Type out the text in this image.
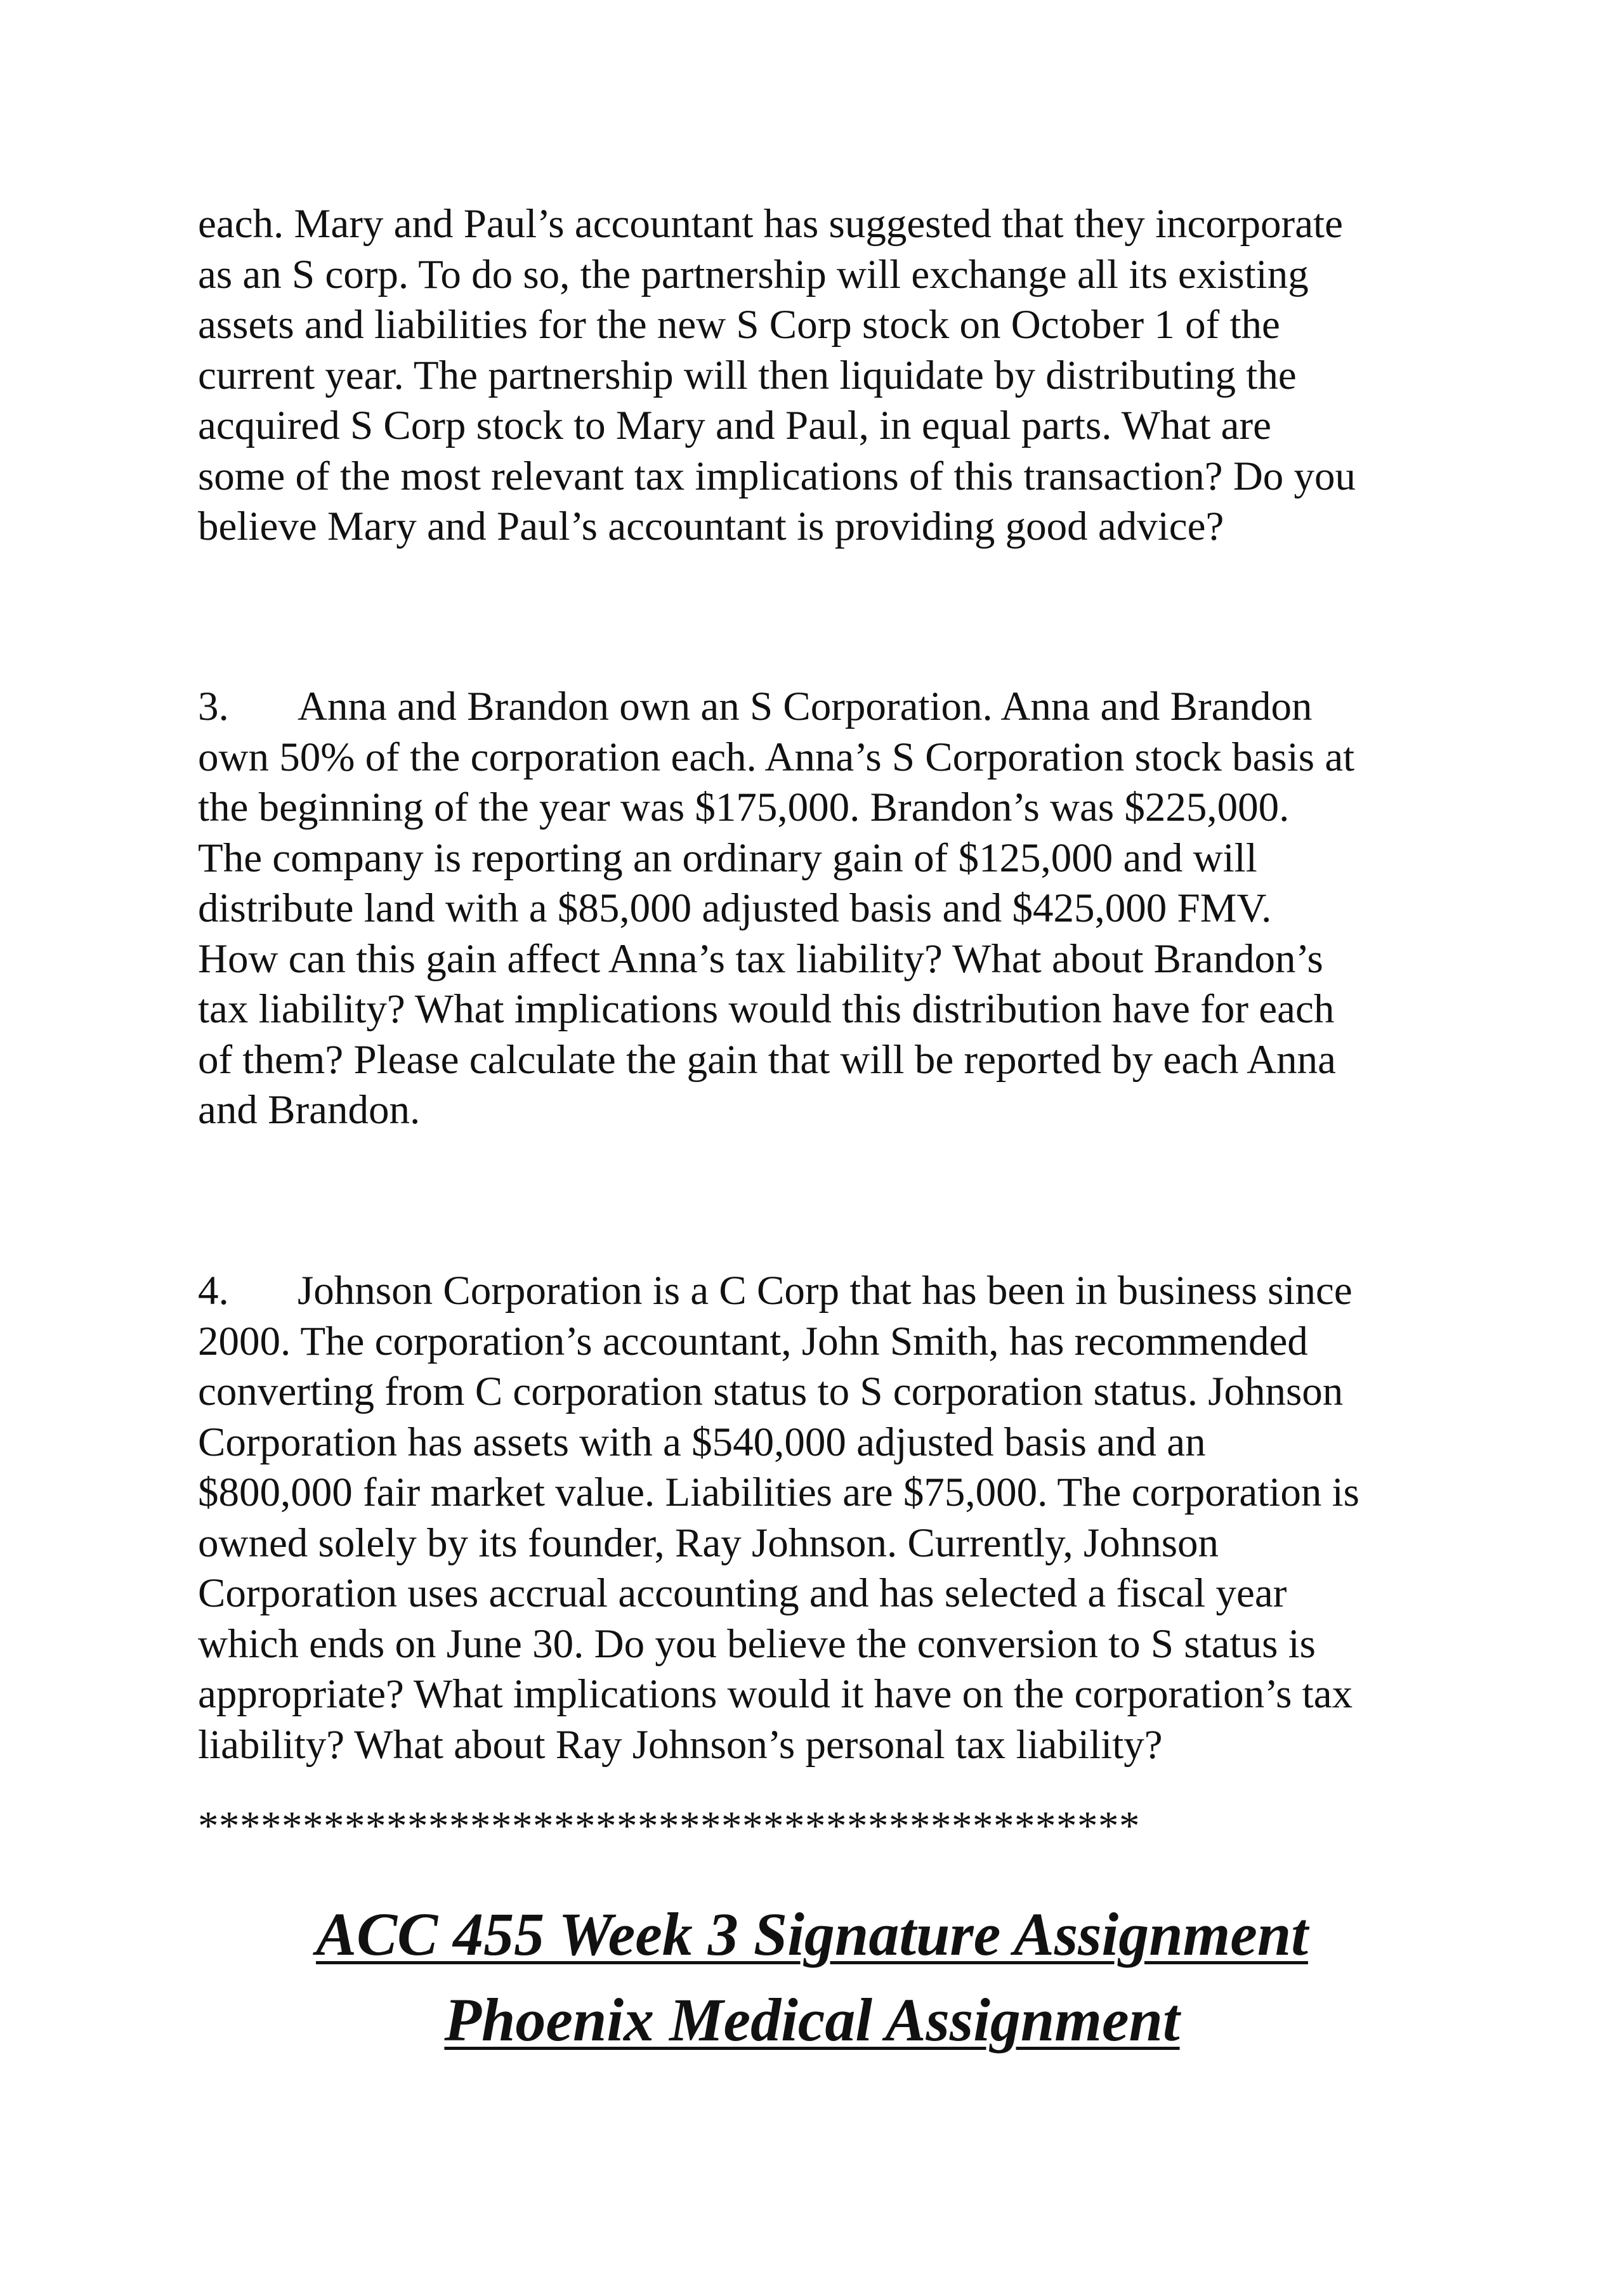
each. Mary and Paul’s accountant has suggested that they incorporate
as an S corp. To do so, the partnership will exchange all its existing
assets and liabilities for the new S Corp stock on October 1 of the
current year. The partnership will then liquidate by distributing the
acquired S Corp stock to Mary and Paul, in equal parts. What are
some of the most relevant tax implications of this transaction? Do you
believe Mary and Paul’s accountant is providing good advice?

3. Anna and Brandon own an S Corporation. Anna and Brandon
own 50% of the corporation each. Anna’s S Corporation stock basis at
the beginning of the year was $175,000. Brandon’s was $225,000.
The company is reporting an ordinary gain of $125,000 and will
distribute land with a $85,000 adjusted basis and $425,000 FMV.
How can this gain affect Anna’s tax liability? What about Brandon’s
tax liability? What implications would this distribution have for each
of them? Please calculate the gain that will be reported by each Anna
and Brandon.

4. Johnson Corporation is a C Corp that has been in business since
2000. The corporation’s accountant, John Smith, has recommended
converting from C corporation status to S corporation status. Johnson
Corporation has assets with a $540,000 adjusted basis and an
$800,000 fair market value. Liabilities are $75,000. The corporation is
owned solely by its founder, Ray Johnson. Currently, Johnson
Corporation uses accrual accounting and has selected a fiscal year
which ends on June 30. Do you believe the conversion to S status is
appropriate? What implications would it have on the corporation’s tax
liability? What about Ray Johnson’s personal tax liability?

*********************************************

ACC 455 Week 3 Signature Assignment
Phoenix Medical Assignment
